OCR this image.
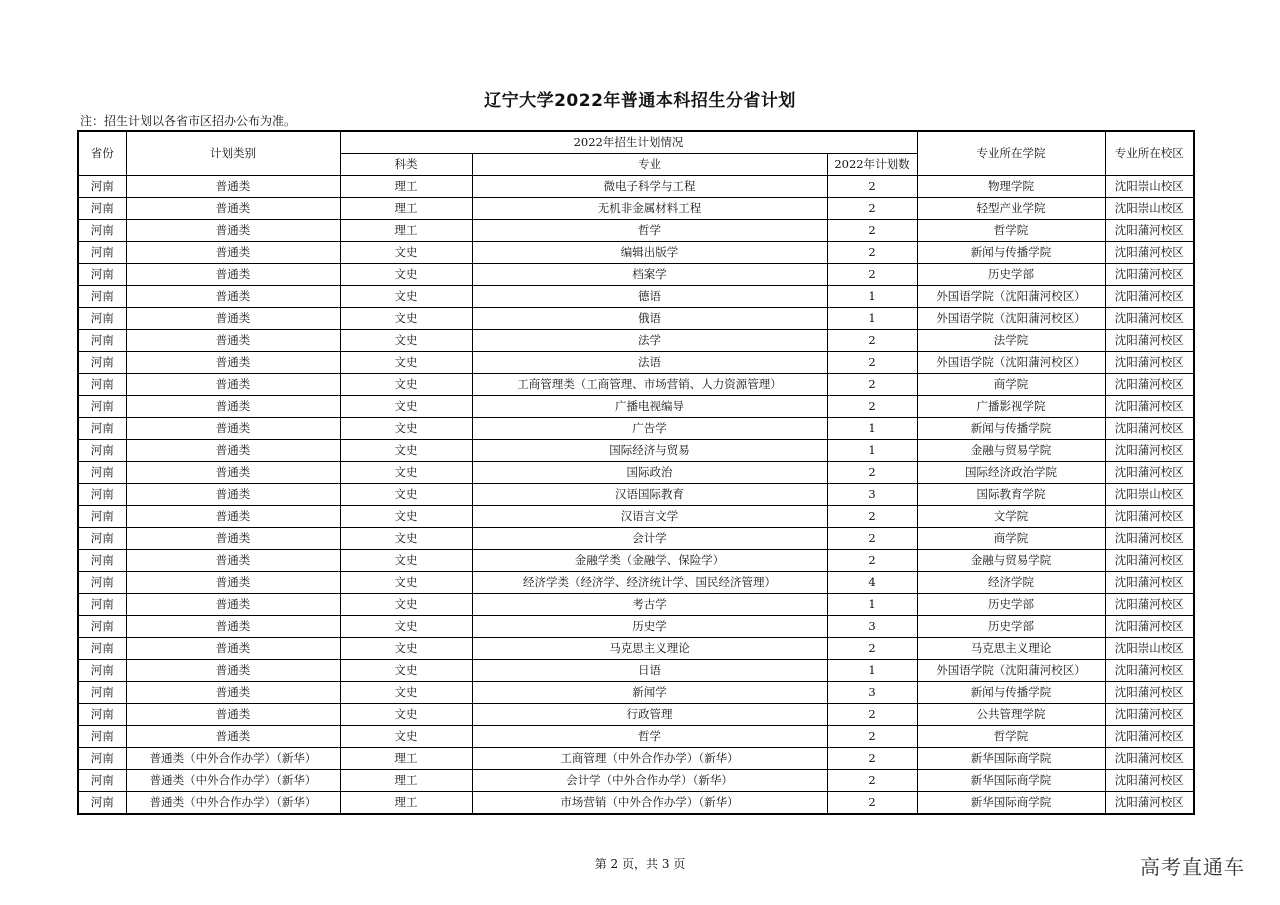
辽宁大学2022年普通本科招生分省计划
注：招生计划以各省市区招办公布为准。
省份	计划类别	2022年招生计划情况			专业所在学院	专业所在校区
		科类	专业	2022年计划数		
河南	普通类	理工	微电子科学与工程	2	物理学院	沈阳崇山校区
河南	普通类	理工	无机非金属材料工程	2	轻型产业学院	沈阳崇山校区
河南	普通类	理工	哲学	2	哲学院	沈阳蒲河校区
河南	普通类	文史	编辑出版学	2	新闻与传播学院	沈阳蒲河校区
河南	普通类	文史	档案学	2	历史学部	沈阳蒲河校区
河南	普通类	文史	德语	1	外国语学院（沈阳蒲河校区）	沈阳蒲河校区
河南	普通类	文史	俄语	1	外国语学院（沈阳蒲河校区）	沈阳蒲河校区
河南	普通类	文史	法学	2	法学院	沈阳蒲河校区
河南	普通类	文史	法语	2	外国语学院（沈阳蒲河校区）	沈阳蒲河校区
河南	普通类	文史	工商管理类（工商管理、市场营销、人力资源管理）	2	商学院	沈阳蒲河校区
河南	普通类	文史	广播电视编导	2	广播影视学院	沈阳蒲河校区
河南	普通类	文史	广告学	1	新闻与传播学院	沈阳蒲河校区
河南	普通类	文史	国际经济与贸易	1	金融与贸易学院	沈阳蒲河校区
河南	普通类	文史	国际政治	2	国际经济政治学院	沈阳蒲河校区
河南	普通类	文史	汉语国际教育	3	国际教育学院	沈阳崇山校区
河南	普通类	文史	汉语言文学	2	文学院	沈阳蒲河校区
河南	普通类	文史	会计学	2	商学院	沈阳蒲河校区
河南	普通类	文史	金融学类（金融学、保险学）	2	金融与贸易学院	沈阳蒲河校区
河南	普通类	文史	经济学类（经济学、经济统计学、国民经济管理）	4	经济学院	沈阳蒲河校区
河南	普通类	文史	考古学	1	历史学部	沈阳蒲河校区
河南	普通类	文史	历史学	3	历史学部	沈阳蒲河校区
河南	普通类	文史	马克思主义理论	2	马克思主义理论	沈阳崇山校区
河南	普通类	文史	日语	1	外国语学院（沈阳蒲河校区）	沈阳蒲河校区
河南	普通类	文史	新闻学	3	新闻与传播学院	沈阳蒲河校区
河南	普通类	文史	行政管理	2	公共管理学院	沈阳蒲河校区
河南	普通类	文史	哲学	2	哲学院	沈阳蒲河校区
河南	普通类（中外合作办学）（新华）	理工	工商管理（中外合作办学）（新华）	2	新华国际商学院	沈阳蒲河校区
河南	普通类（中外合作办学）（新华）	理工	会计学（中外合作办学）（新华）	2	新华国际商学院	沈阳蒲河校区
河南	普通类（中外合作办学）（新华）	理工	市场营销（中外合作办学）（新华）	2	新华国际商学院	沈阳蒲河校区
第 2 页，共 3 页	高考直通车
